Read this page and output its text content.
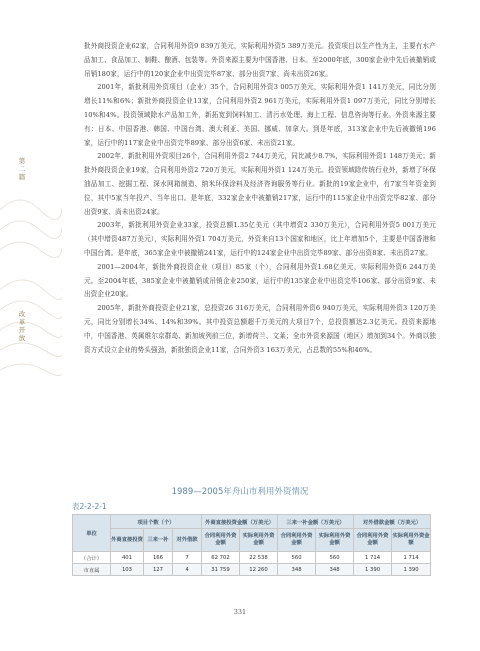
第二篇
改革开放

批外商投资企业62家，合同利用外资9 839万美元，实际利用外资5 389万美元。投资项目以生产性为主，主要有水产品加工、食品加工、制鞋、酿酒、包装等。外资来源主要为中国香港、日本。至2000年底，300家企业中先后被撤销或吊销180家，运行中的120家企业中出资完毕87家、部分出资7家、尚未出资26家。

2001年，新批利用外资项目（企业）35个，合同利用外资3 005万美元，实际利用外资1 141万美元，同比分别增长11%和6%；新批外商投资企业13家，合同利用外资2 961万美元，实际利用外资1 097万美元，同比分别增长10%和4%。投资领域除水产品加工外，新拓宽到饲料加工、清污水处理、海上工程、信息咨询等行业。外资来源主要有：日本、中国香港、韩国、中国台湾、澳大利亚、美国、挪威、加拿大。到是年底，313家企业中先后被撤销196家，运行中的117家企业中出资完毕89家、部分出资6家、未出资21家。

2002年，新批利用外资项目26个，合同利用外资2 744万美元，同比减少8.7%，实际利用外资1 148万美元；新批外商投资企业19家，合同利用外资2 720万美元，实际利用外资1 124万美元。投资领域除传统行业外，新增了环保油品加工、挖掘工程、深水网箱制造、纳米环保涂料及经济咨询服务等行业。新批的19家企业中，有7家当年资金到位，其中5家当年投产、当年出口。是年底，332家企业中被撤销217家，运行中的115家企业中出资完毕82家、部分出资9家、尚未出资24家。

2003年，新批利用外资企业33家，投资总额1.35亿美元（其中增资2 330万美元），合同利用外资5 001万美元（其中增资487万美元），实际利用外资1 704万美元，外资来自13个国家和地区，比上年增加5个，主要是中国香港和中国台湾。是年底，365家企业中被撤销241家，运行中的124家企业中出资完毕89家、部分出资8家、未出资27家。

2001—2004年，新批外商投资企业（项目）85家（个），合同利用外资1.68亿美元，实际利用外资6 244万美元。至2004年底，385家企业中被撤销或吊销企业250家，运行中的135家企业中出资完毕106家、部分出资9家、未出资企业20家。

2005年，新批外商投资企业21家，总投资26 316万美元，合同利用外资6 940万美元，实际利用外资3 120万美元，同比分别增长34%、14%和39%。其中投资总额超千万美元的大项目7个，总投资额达2.3亿美元。投资来源地中，中国香港、英属维尔京群岛、新加坡列前三位，新增荷兰、文莱；全市外资来源国（地区）增加到34个。外商以独资方式设立企业的势头强劲，新批独资企业11家，合同外资3 163万美元，占总数的55%和46%。

1989—2005年舟山市利用外资情况
表2-2-2-1
单位	项目个数（个）			外商直接投资金额（万美元）		三来一补金额（万美元）		对外借款金额（万美元）	
	外商直接投资	三来一补	对外借款	合同利用外资金额	实际利用外资金额	合同利用外资金额	实际利用外资金额	合同利用外资金额	实际利用外资金额
（合计）	401	166	7	62 702	22 538	560	560	1 714	1 714
市直属	103	127	4	31 759	12 260	348	348	1 390	1 390
331
